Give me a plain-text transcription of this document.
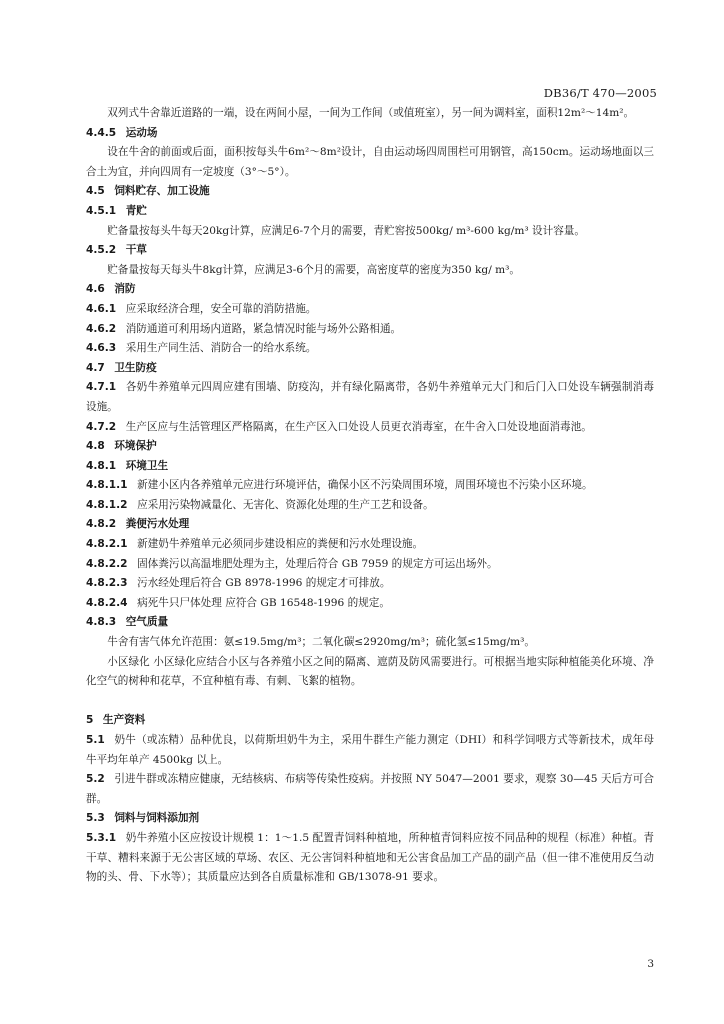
DB36/T 470—2005

双列式牛舍靠近道路的一端，设在两间小屋，一间为工作间（或值班室），另一间为调料室，面积12m²～14m²。

4.4.5 运动场

设在牛舍的前面或后面，面积按每头牛6m²～8m²设计，自由运动场四周围栏可用钢管，高150cm。运动场地面以三合土为宜，并向四周有一定坡度（3°～5°）。

4.5 饲料贮存、加工设施

4.5.1 青贮

贮备量按每头牛每天20kg计算，应满足6-7个月的需要，青贮窖按500kg/ m³-600 kg/m³ 设计容量。

4.5.2 干草

贮备量按每天每头牛8kg计算，应满足3-6个月的需要，高密度草的密度为350 kg/ m³。

4.6 消防

4.6.1 应采取经济合理，安全可靠的消防措施。

4.6.2 消防通道可利用场内道路，紧急情况时能与场外公路相通。

4.6.3 采用生产同生活、消防合一的给水系统。

4.7 卫生防疫

4.7.1 各奶牛养殖单元四周应建有围墙、防疫沟，并有绿化隔离带，各奶牛养殖单元大门和后门入口处设车辆强制消毒设施。

4.7.2 生产区应与生活管理区严格隔离，在生产区入口处设人员更衣消毒室，在牛舍入口处设地面消毒池。

4.8 环境保护

4.8.1 环境卫生

4.8.1.1 新建小区内各养殖单元应进行环境评估，确保小区不污染周围环境，周围环境也不污染小区环境。

4.8.1.2 应采用污染物减量化、无害化、资源化处理的生产工艺和设备。

4.8.2 粪便污水处理

4.8.2.1 新建奶牛养殖单元必须同步建设相应的粪便和污水处理设施。

4.8.2.2 固体粪污以高温堆肥处理为主，处理后符合 GB 7959 的规定方可运出场外。

4.8.2.3 污水经处理后符合 GB 8978-1996 的规定才可排放。

4.8.2.4 病死牛只尸体处理 应符合 GB 16548-1996 的规定。

4.8.3 空气质量

牛舍有害气体允许范围：氨≤19.5mg/m³；二氧化碳≤2920mg/m³；硫化氢≤15mg/m³。

小区绿化 小区绿化应结合小区与各养殖小区之间的隔离、遮荫及防风需要进行。可根据当地实际种植能美化环境、净化空气的树种和花草，不宜种植有毒、有刺、飞絮的植物。

5 生产资料

5.1 奶牛（或冻精）品种优良，以荷斯坦奶牛为主，采用牛群生产能力测定（DHI）和科学饲喂方式等新技术，成年母牛平均年单产 4500kg 以上。

5.2 引进牛群或冻精应健康，无结核病、布病等传染性疫病。并按照 NY 5047—2001 要求，观察 30—45 天后方可合群。

5.3 饲料与饲料添加剂

5.3.1 奶牛养殖小区应按设计规模 1：1～1.5 配置青饲料种植地，所种植青饲料应按不同品种的规程（标准）种植。青干草、糟料来源于无公害区域的草场、农区、无公害饲料种植地和无公害食品加工产品的副产品（但一律不准使用反刍动物的头、骨、下水等）；其质量应达到各自质量标准和 GB/13078-91 要求。

3
